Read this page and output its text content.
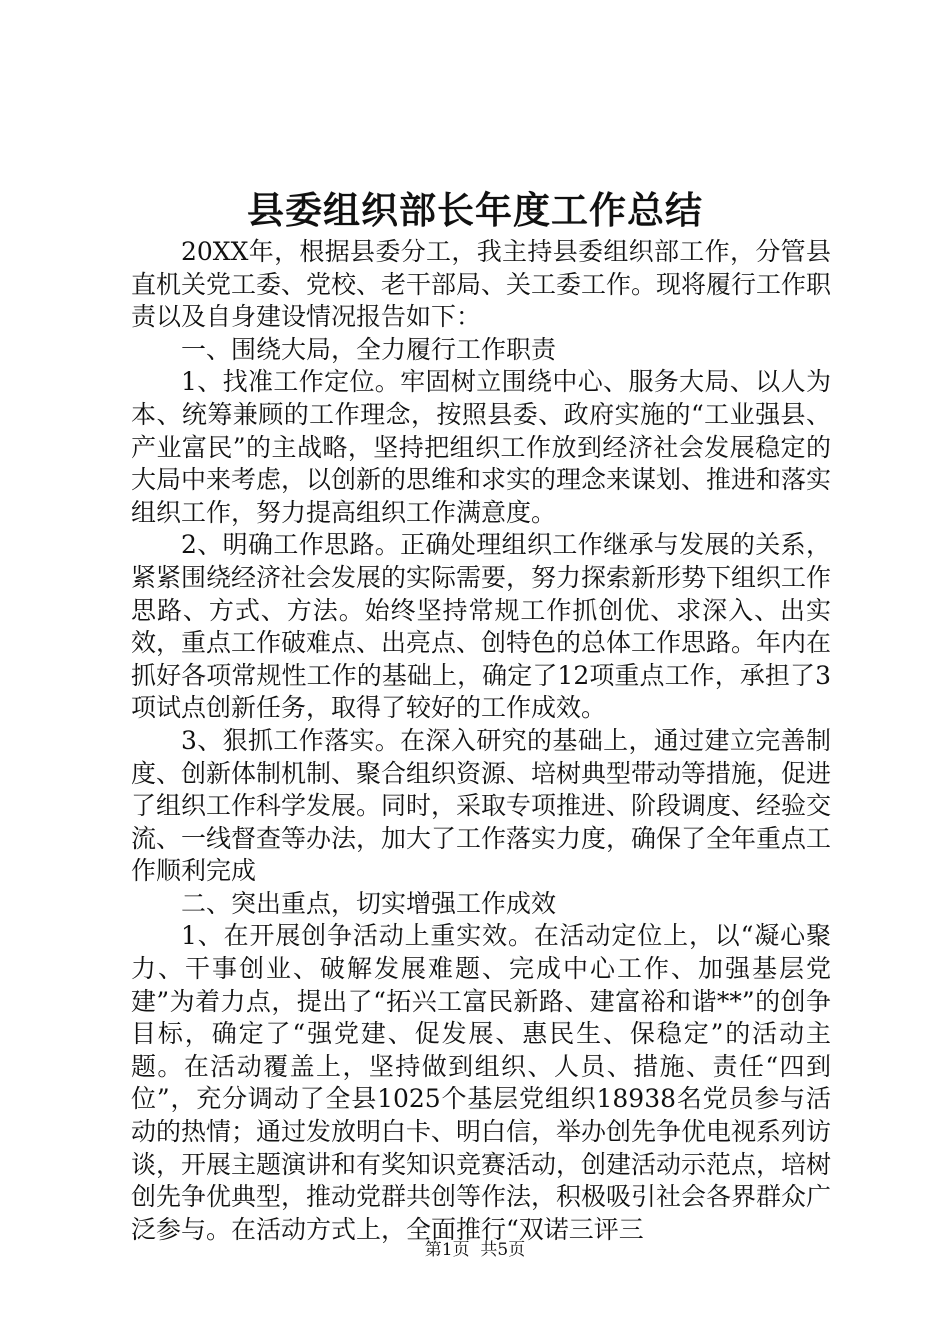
县委组织部长年度工作总结

20XX年，根据县委分工，我主持县委组织部工作，分管县直机关党工委、党校、老干部局、关工委工作。现将履行工作职责以及自身建设情况报告如下：

一、围绕大局，全力履行工作职责

1、找准工作定位。牢固树立围绕中心、服务大局、以人为本、统筹兼顾的工作理念，按照县委、政府实施的“工业强县、产业富民”的主战略，坚持把组织工作放到经济社会发展稳定的大局中来考虑，以创新的思维和求实的理念来谋划、推进和落实组织工作，努力提高组织工作满意度。

2、明确工作思路。正确处理组织工作继承与发展的关系，紧紧围绕经济社会发展的实际需要，努力探索新形势下组织工作思路、方式、方法。始终坚持常规工作抓创优、求深入、出实效，重点工作破难点、出亮点、创特色的总体工作思路。年内在抓好各项常规性工作的基础上，确定了12项重点工作，承担了3项试点创新任务，取得了较好的工作成效。

3、狠抓工作落实。在深入研究的基础上，通过建立完善制度、创新体制机制、聚合组织资源、培树典型带动等措施，促进了组织工作科学发展。同时，采取专项推进、阶段调度、经验交流、一线督查等办法，加大了工作落实力度，确保了全年重点工作顺利完成

二、突出重点，切实增强工作成效

1、在开展创争活动上重实效。在活动定位上，以“凝心聚力、干事创业、破解发展难题、完成中心工作、加强基层党建”为着力点，提出了“拓兴工富民新路、建富裕和谐**”的创争目标，确定了“强党建、促发展、惠民生、保稳定”的活动主题。在活动覆盖上，坚持做到组织、人员、措施、责任“四到位”，充分调动了全县1025个基层党组织18938名党员参与活动的热情；通过发放明白卡、明白信，举办创先争优电视系列访谈，开展主题演讲和有奖知识竞赛活动，创建活动示范点，培树创先争优典型，推动党群共创等作法，积极吸引社会各界群众广泛参与。在活动方式上，全面推行“双诺三评三

第1页 共5页
